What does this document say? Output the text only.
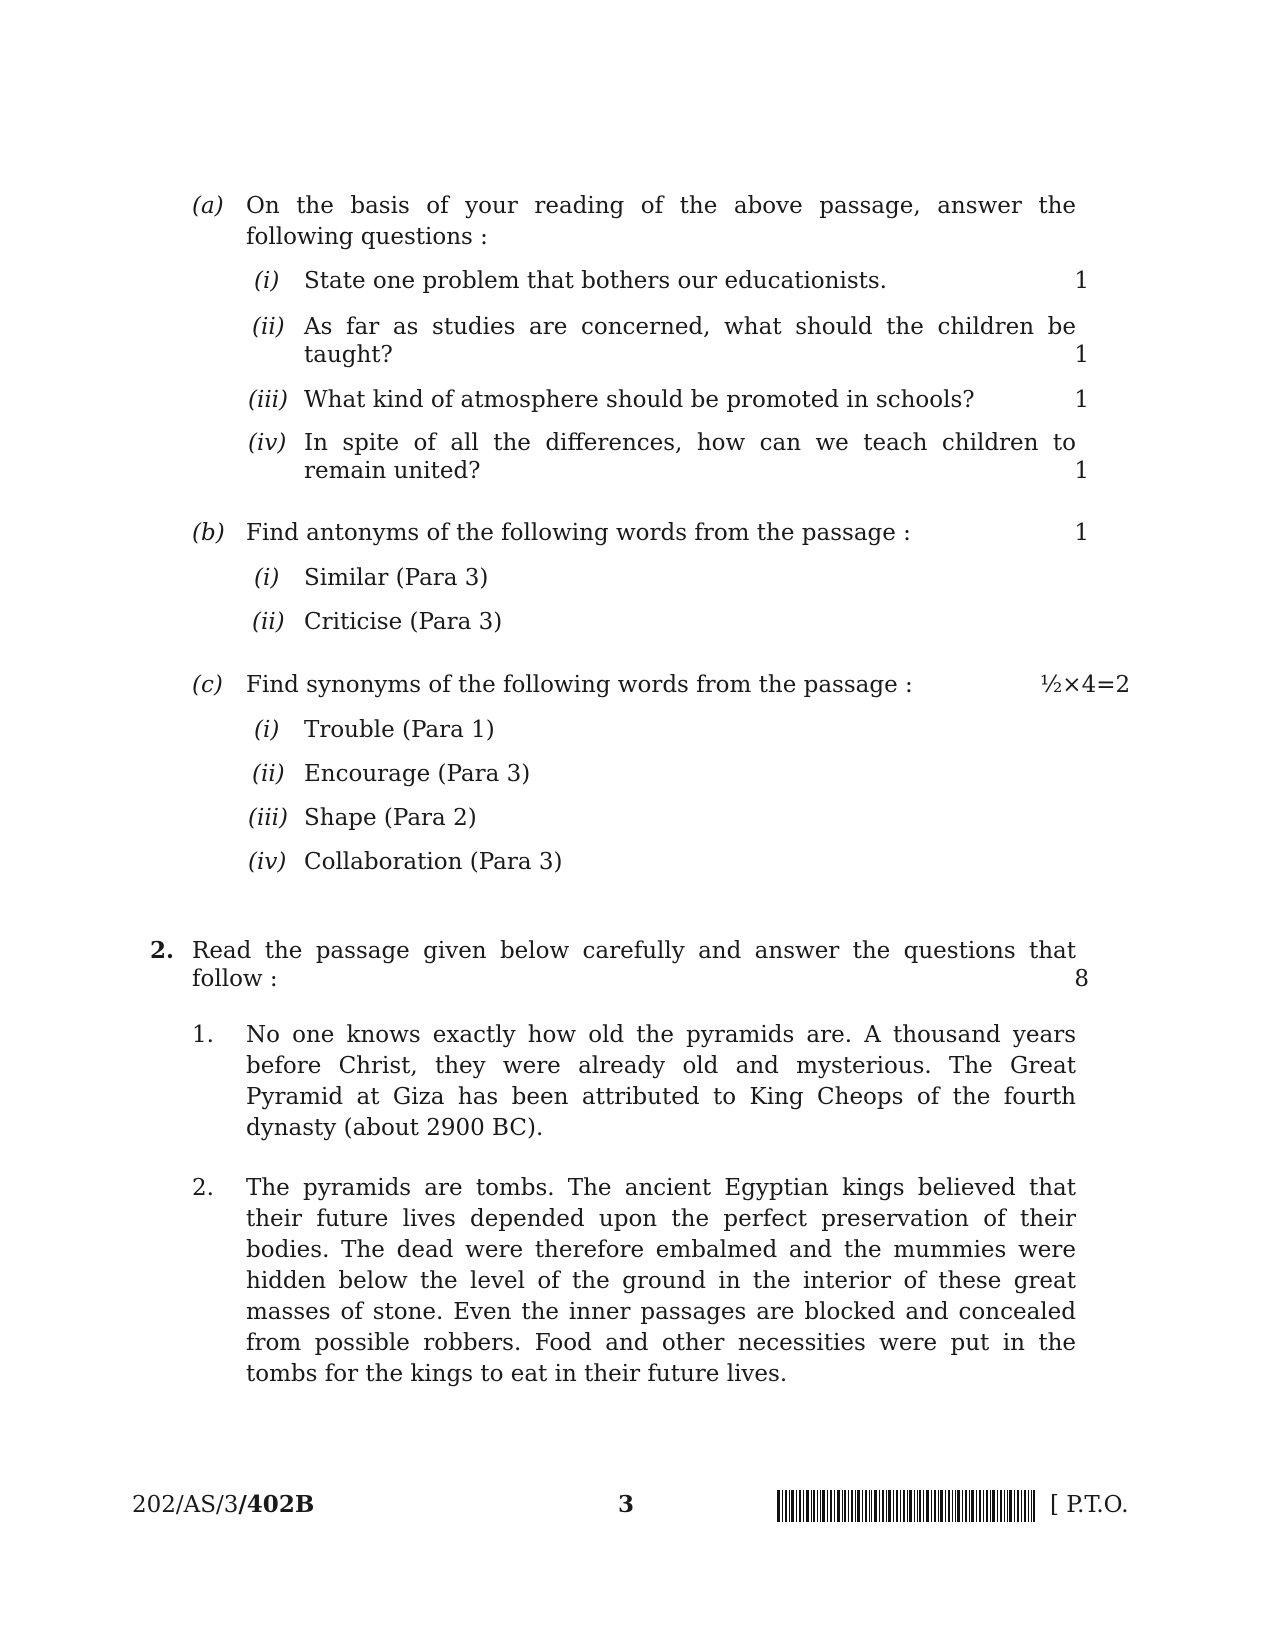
(a) On the basis of your reading of the above passage, answer the
following questions :
(i) State one problem that bothers our educationists.	1
(ii) As far as studies are concerned, what should the children be
taught?	1
(iii) What kind of atmosphere should be promoted in schools?	1
(iv) In spite of all the differences, how can we teach children to
remain united?	1
(b) Find antonyms of the following words from the passage :	1
(i) Similar (Para 3)
(ii) Criticise (Para 3)
(c) Find synonyms of the following words from the passage :	½×4=2
(i) Trouble (Para 1)
(ii) Encourage (Para 3)
(iii) Shape (Para 2)
(iv) Collaboration (Para 3)
2. Read the passage given below carefully and answer the questions that
follow :	8
1. No one knows exactly how old the pyramids are. A thousand years before Christ, they were already old and mysterious. The Great Pyramid at Giza has been attributed to King Cheops of the fourth dynasty (about 2900 BC).
2. The pyramids are tombs. The ancient Egyptian kings believed that their future lives depended upon the perfect preservation of their bodies. The dead were therefore embalmed and the mummies were hidden below the level of the ground in the interior of these great masses of stone. Even the inner passages are blocked and concealed from possible robbers. Food and other necessities were put in the tombs for the kings to eat in their future lives.
202/AS/3/402B	3	[ P.T.O.
